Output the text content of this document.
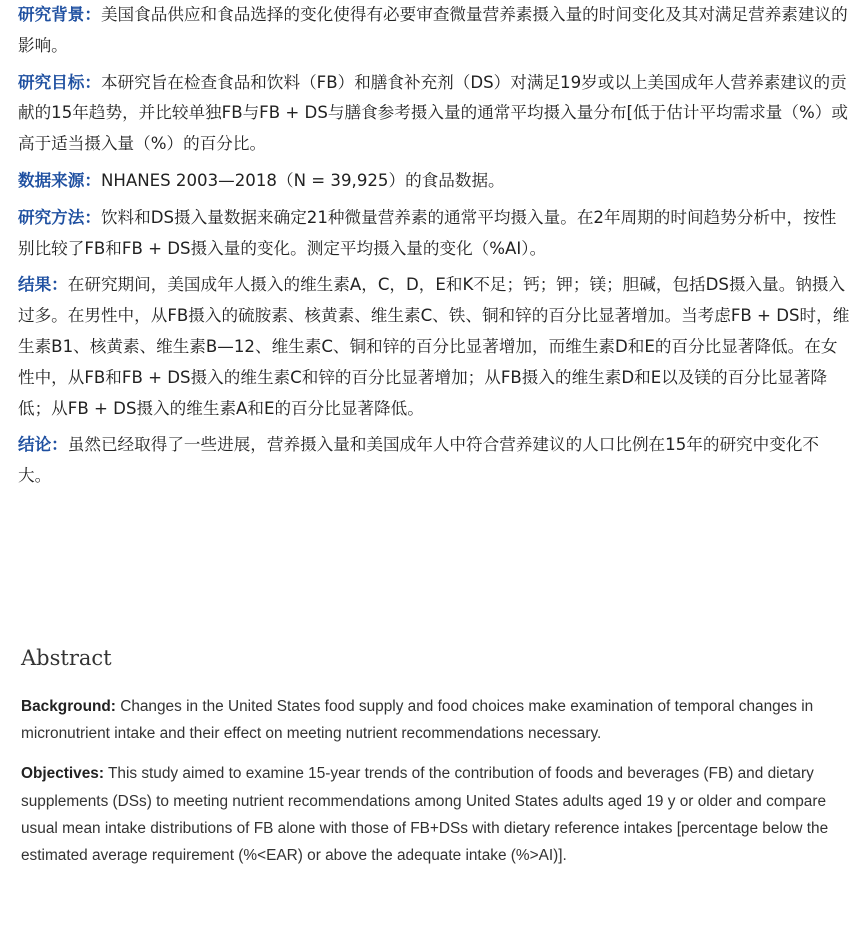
研究背景：美国食品供应和食品选择的变化使得有必要审查微量营养素摄入量的时间变化及其对满足营养素建议的影响。

研究目标：本研究旨在检查食品和饮料（FB）和膳食补充剂（DS）对满足19岁或以上美国成年人营养素建议的贡献的15年趋势，并比较单独FB与FB + DS与膳食参考摄入量的通常平均摄入量分布[低于估计平均需求量（%）或高于适当摄入量（%）的百分比。

数据来源：NHANES 2003—2018（N = 39,925）的食品数据。

研究方法：饮料和DS摄入量数据来确定21种微量营养素的通常平均摄入量。在2年周期的时间趋势分析中，按性别比较了FB和FB + DS摄入量的变化。测定平均摄入量的变化（%AI）。

结果：在研究期间，美国成年人摄入的维生素A，C，D，E和K不足；钙；钾；镁；胆碱，包括DS摄入量。钠摄入过多。在男性中，从FB摄入的硫胺素、核黄素、维生素C、铁、铜和锌的百分比显著增加。当考虑FB + DS时，维生素B1、核黄素、维生素B—12、维生素C、铜和锌的百分比显著增加，而维生素D和E的百分比显著降低。在女性中，从FB和FB + DS摄入的维生素C和锌的百分比显著增加；从FB摄入的维生素D和E以及镁的百分比显著降低；从FB + DS摄入的维生素A和E的百分比显著降低。

结论：虽然已经取得了一些进展，营养摄入量和美国成年人中符合营养建议的人口比例在15年的研究中变化不大。

Abstract

Background: Changes in the United States food supply and food choices make examination of temporal changes in micronutrient intake and their effect on meeting nutrient recommendations necessary.

Objectives: This study aimed to examine 15-year trends of the contribution of foods and beverages (FB) and dietary supplements (DSs) to meeting nutrient recommendations among United States adults aged 19 y or older and compare usual mean intake distributions of FB alone with those of FB+DSs with dietary reference intakes [percentage below the estimated average requirement (%<EAR) or above the adequate intake (%>AI)].
